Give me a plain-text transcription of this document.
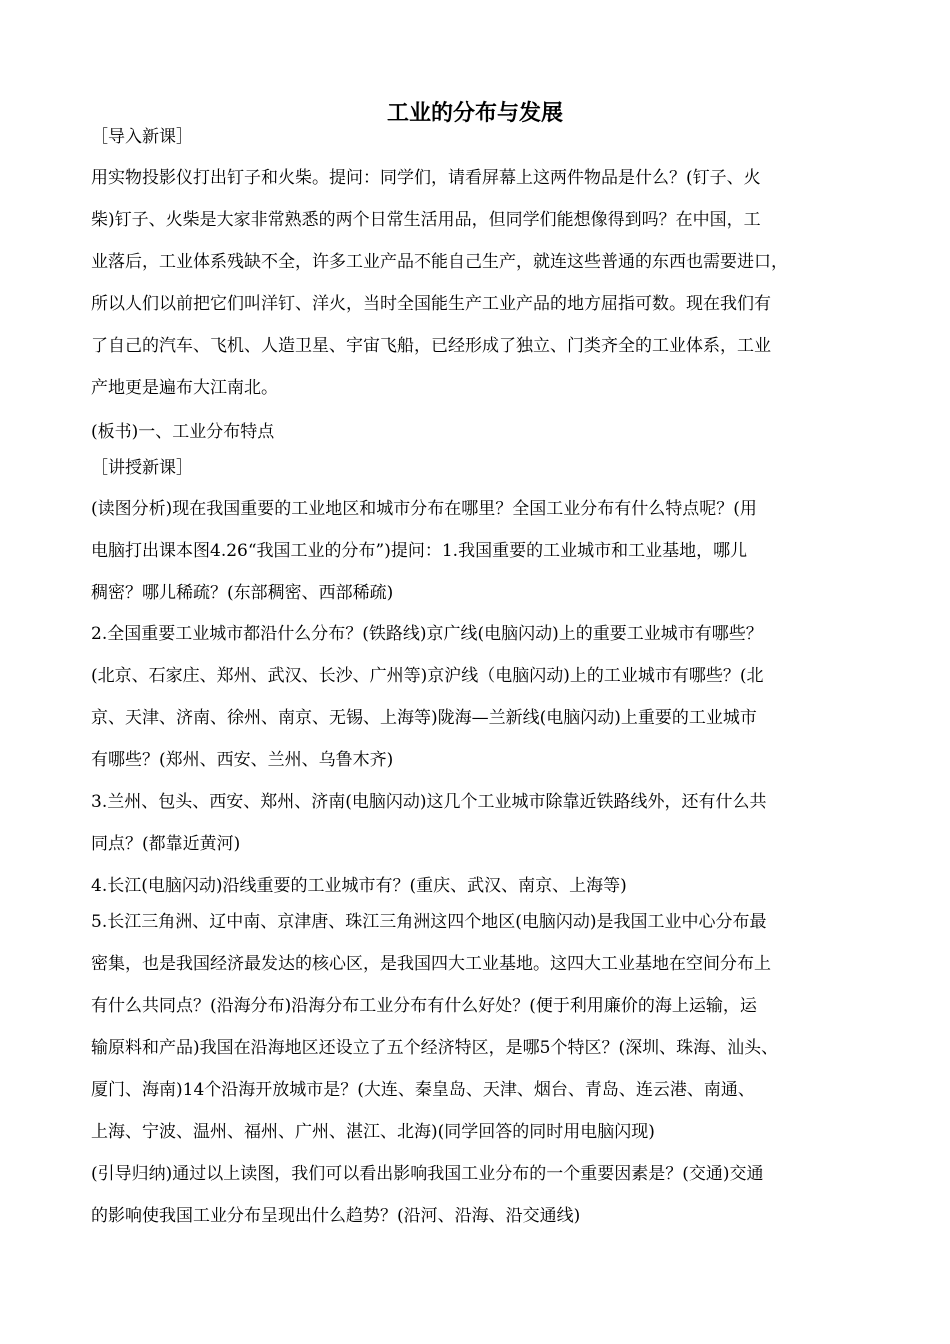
工业的分布与发展
［导入新课］
用实物投影仪打出钉子和火柴。提问：同学们，请看屏幕上这两件物品是什么？(钉子、火
柴)钉子、火柴是大家非常熟悉的两个日常生活用品，但同学们能想像得到吗？在中国，工
业落后，工业体系残缺不全，许多工业产品不能自己生产，就连这些普通的东西也需要进口，
所以人们以前把它们叫洋钉、洋火，当时全国能生产工业产品的地方屈指可数。现在我们有
了自己的汽车、飞机、人造卫星、宇宙飞船，已经形成了独立、门类齐全的工业体系，工业
产地更是遍布大江南北。
(板书)一、工业分布特点
［讲授新课］
(读图分析)现在我国重要的工业地区和城市分布在哪里？全国工业分布有什么特点呢？(用
电脑打出课本图4.26“我国工业的分布”)提问：1.我国重要的工业城市和工业基地，哪儿
稠密？哪儿稀疏？(东部稠密、西部稀疏)
2.全国重要工业城市都沿什么分布？(铁路线)京广线(电脑闪动)上的重要工业城市有哪些？
(北京、石家庄、郑州、武汉、长沙、广州等)京沪线（电脑闪动)上的工业城市有哪些？(北
京、天津、济南、徐州、南京、无锡、上海等)陇海—兰新线(电脑闪动)上重要的工业城市
有哪些？(郑州、西安、兰州、乌鲁木齐)
3.兰州、包头、西安、郑州、济南(电脑闪动)这几个工业城市除靠近铁路线外，还有什么共
同点？(都靠近黄河)
4.长江(电脑闪动)沿线重要的工业城市有？(重庆、武汉、南京、上海等)
5.长江三角洲、辽中南、京津唐、珠江三角洲这四个地区(电脑闪动)是我国工业中心分布最
密集，也是我国经济最发达的核心区，是我国四大工业基地。这四大工业基地在空间分布上
有什么共同点？(沿海分布)沿海分布工业分布有什么好处？(便于利用廉价的海上运输，运
输原料和产品)我国在沿海地区还设立了五个经济特区，是哪5个特区？(深圳、珠海、汕头、
厦门、海南)14个沿海开放城市是？(大连、秦皇岛、天津、烟台、青岛、连云港、南通、
上海、宁波、温州、福州、广州、湛江、北海)(同学回答的同时用电脑闪现)
(引导归纳)通过以上读图，我们可以看出影响我国工业分布的一个重要因素是？(交通)交通
的影响使我国工业分布呈现出什么趋势？(沿河、沿海、沿交通线)
